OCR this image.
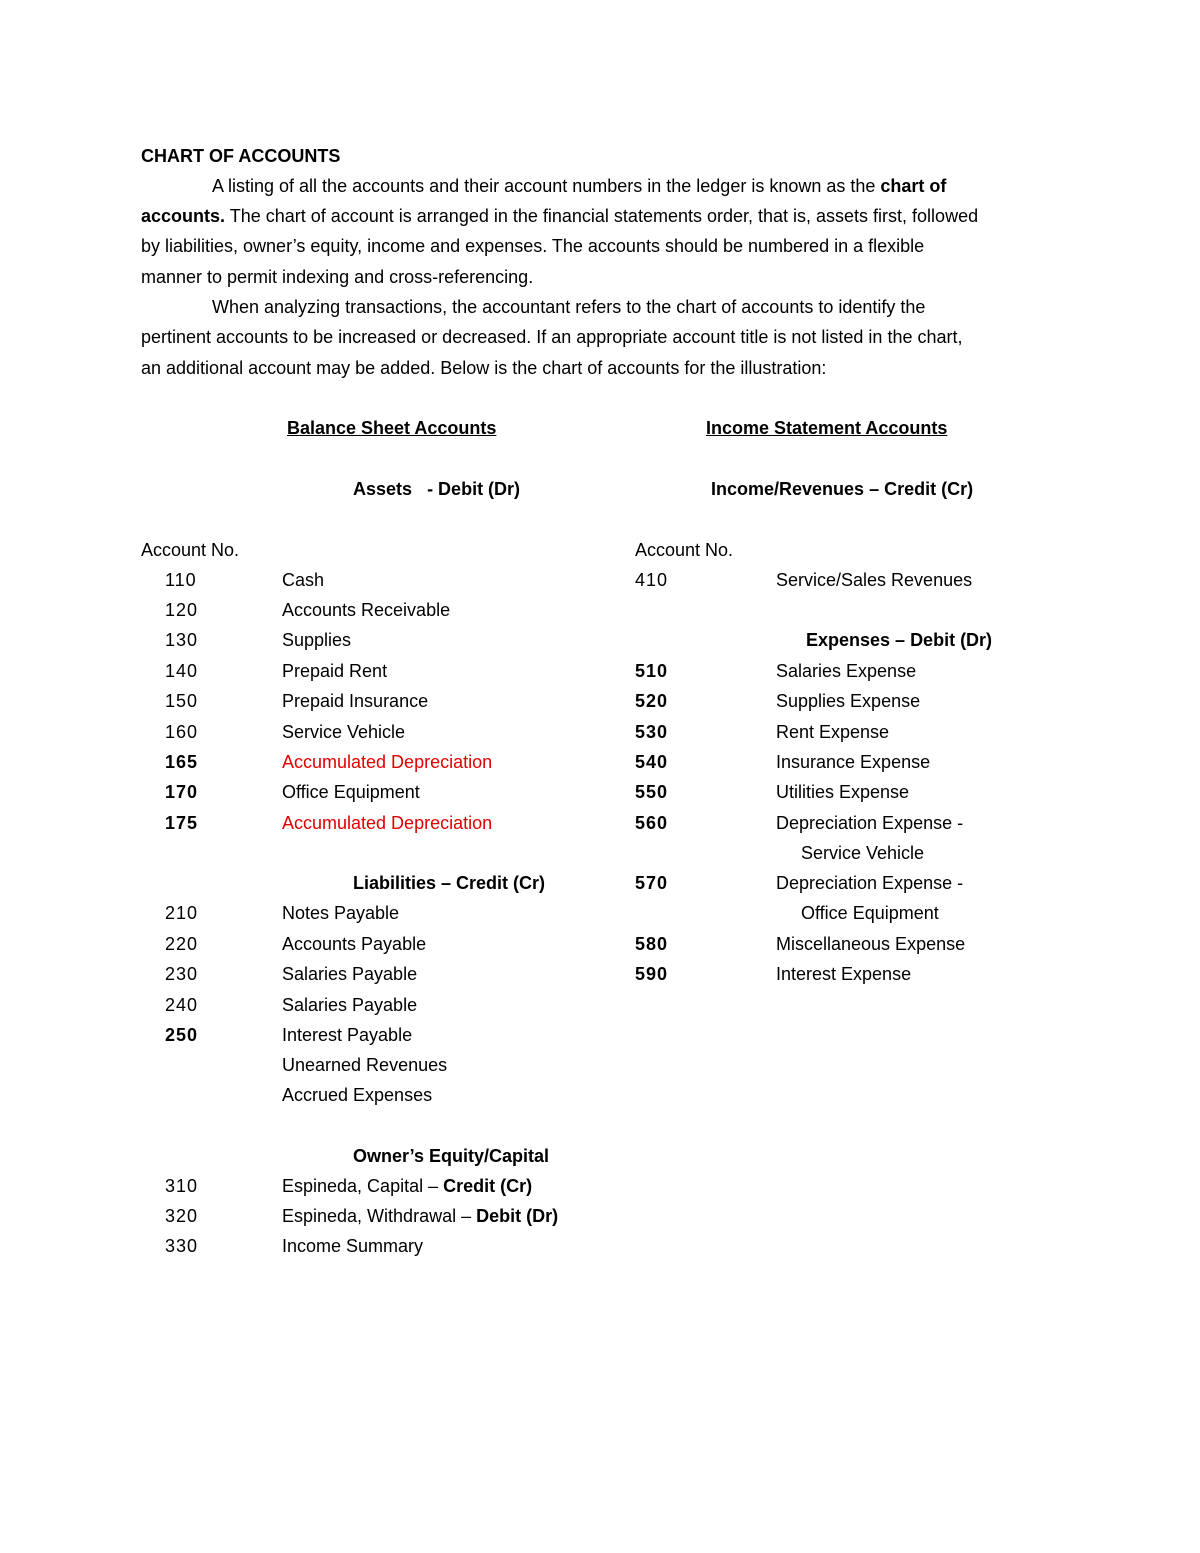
CHART OF ACCOUNTS
A listing of all the accounts and their account numbers in the ledger is known as the chart of
accounts. The chart of account is arranged in the financial statements order, that is, assets first, followed
by liabilities, owner’s equity, income and expenses. The accounts should be numbered in a flexible
manner to permit indexing and cross-referencing.
When analyzing transactions, the accountant refers to the chart of accounts to identify the
pertinent accounts to be increased or decreased. If an appropriate account title is not listed in the chart,
an additional account may be added. Below is the chart of accounts for the illustration:
Balance Sheet Accounts	Income Statement Accounts
Assets - Debit (Dr)	Income/Revenues – Credit (Cr)
Account No.	Account No.
110	Cash
120	Accounts Receivable
130	Supplies
140	Prepaid Rent
150	Prepaid Insurance
160	Service Vehicle
165	Accumulated Depreciation
170	Office Equipment
175	Accumulated Depreciation
Liabilities – Credit (Cr)
210	Notes Payable
220	Accounts Payable
230	Salaries Payable
240	Salaries Payable
250	Interest Payable
Unearned Revenues
Accrued Expenses
Owner’s Equity/Capital
310	Espineda, Capital – Credit (Cr)
320	Espineda, Withdrawal – Debit (Dr)
330	Income Summary
410	Service/Sales Revenues
Expenses – Debit (Dr)
510	Salaries Expense
520	Supplies Expense
530	Rent Expense
540	Insurance Expense
550	Utilities Expense
560	Depreciation Expense -
Service Vehicle
570	Depreciation Expense -
Office Equipment
580	Miscellaneous Expense
590	Interest Expense
